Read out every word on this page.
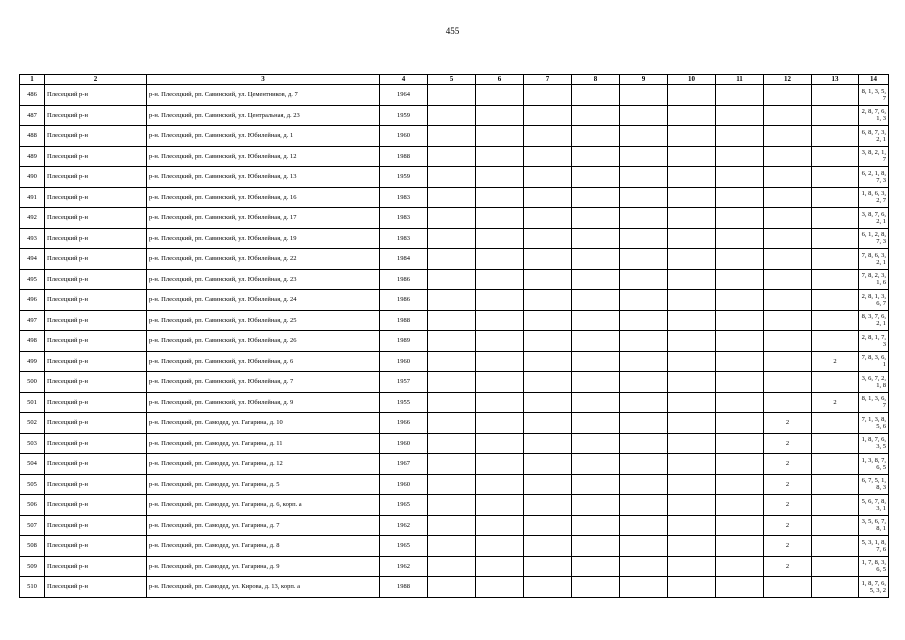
455
1	2	3	4	5	6	7	8	9	10	11	12	13	14
486	Плесецкий р-н	р-н. Плесецкий, рп. Савинский, ул. Цементников, д. 7	1964										8, 1, 3, 5, 7
487	Плесецкий р-н	р-н. Плесецкий, рп. Савинский, ул. Центральная, д. 23	1959										2, 8, 7, 6, 1, 3
488	Плесецкий р-н	р-н. Плесецкий, рп. Савинский, ул. Юбилейная, д. 1	1960										6, 8, 7, 3, 2, 1
489	Плесецкий р-н	р-н. Плесецкий, рп. Савинский, ул. Юбилейная, д. 12	1988										3, 8, 2, 1, 7
490	Плесецкий р-н	р-н. Плесецкий, рп. Савинский, ул. Юбилейная, д. 13	1959										6, 2, 1, 8, 7, 3
491	Плесецкий р-н	р-н. Плесецкий, рп. Савинский, ул. Юбилейная, д. 16	1983										1, 8, 6, 3, 2, 7
492	Плесецкий р-н	р-н. Плесецкий, рп. Савинский, ул. Юбилейная, д. 17	1983										3, 8, 7, 6, 2, 1
493	Плесецкий р-н	р-н. Плесецкий, рп. Савинский, ул. Юбилейная, д. 19	1983										6, 1, 2, 8, 7, 3
494	Плесецкий р-н	р-н. Плесецкий, рп. Савинский, ул. Юбилейная, д. 22	1984										7, 8, 6, 3, 2, 1
495	Плесецкий р-н	р-н. Плесецкий, рп. Савинский, ул. Юбилейная, д. 23	1986										7, 8, 2, 3, 1, 6
496	Плесецкий р-н	р-н. Плесецкий, рп. Савинский, ул. Юбилейная, д. 24	1986										2, 8, 1, 3, 6, 7
497	Плесецкий р-н	р-н. Плесецкий, рп. Савинский, ул. Юбилейная, д. 25	1988										8, 3, 7, 6, 2, 1
498	Плесецкий р-н	р-н. Плесецкий, рп. Савинский, ул. Юбилейная, д. 26	1989										2, 8, 1, 7, 3
499	Плесецкий р-н	р-н. Плесецкий, рп. Савинский, ул. Юбилейная, д. 6	1960									2	7, 8, 3, 6, 1
500	Плесецкий р-н	р-н. Плесецкий, рп. Савинский, ул. Юбилейная, д. 7	1957										3, 6, 7, 2, 1, 8
501	Плесецкий р-н	р-н. Плесецкий, рп. Савинский, ул. Юбилейная, д. 9	1955									2	8, 1, 3, 6, 7
502	Плесецкий р-н	р-н. Плесецкий, рп. Самодед, ул. Гагарина, д. 10	1966								2		7, 1, 3, 8, 5, 6
503	Плесецкий р-н	р-н. Плесецкий, рп. Самодед, ул. Гагарина, д. 11	1960								2		1, 8, 7, 6, 3, 5
504	Плесецкий р-н	р-н. Плесецкий, рп. Самодед, ул. Гагарина, д. 12	1967								2		1, 3, 8, 7, 6, 5
505	Плесецкий р-н	р-н. Плесецкий, рп. Самодед, ул. Гагарина, д. 5	1960								2		6, 7, 5, 1, 8, 3
506	Плесецкий р-н	р-н. Плесецкий, рп. Самодед, ул. Гагарина, д. 6, корп. а	1965								2		5, 6, 7, 8, 3, 1
507	Плесецкий р-н	р-н. Плесецкий, рп. Самодед, ул. Гагарина, д. 7	1962								2		3, 5, 6, 7, 8, 1
508	Плесецкий р-н	р-н. Плесецкий, рп. Самодед, ул. Гагарина, д. 8	1965								2		5, 3, 1, 8, 7, 6
509	Плесецкий р-н	р-н. Плесецкий, рп. Самодед, ул. Гагарина, д. 9	1962								2		1, 7, 8, 3, 6, 5
510	Плесецкий р-н	р-н. Плесецкий, рп. Самодед, ул. Кирова, д. 13, корп. а	1988										1, 8, 7, 6, 5, 3, 2
